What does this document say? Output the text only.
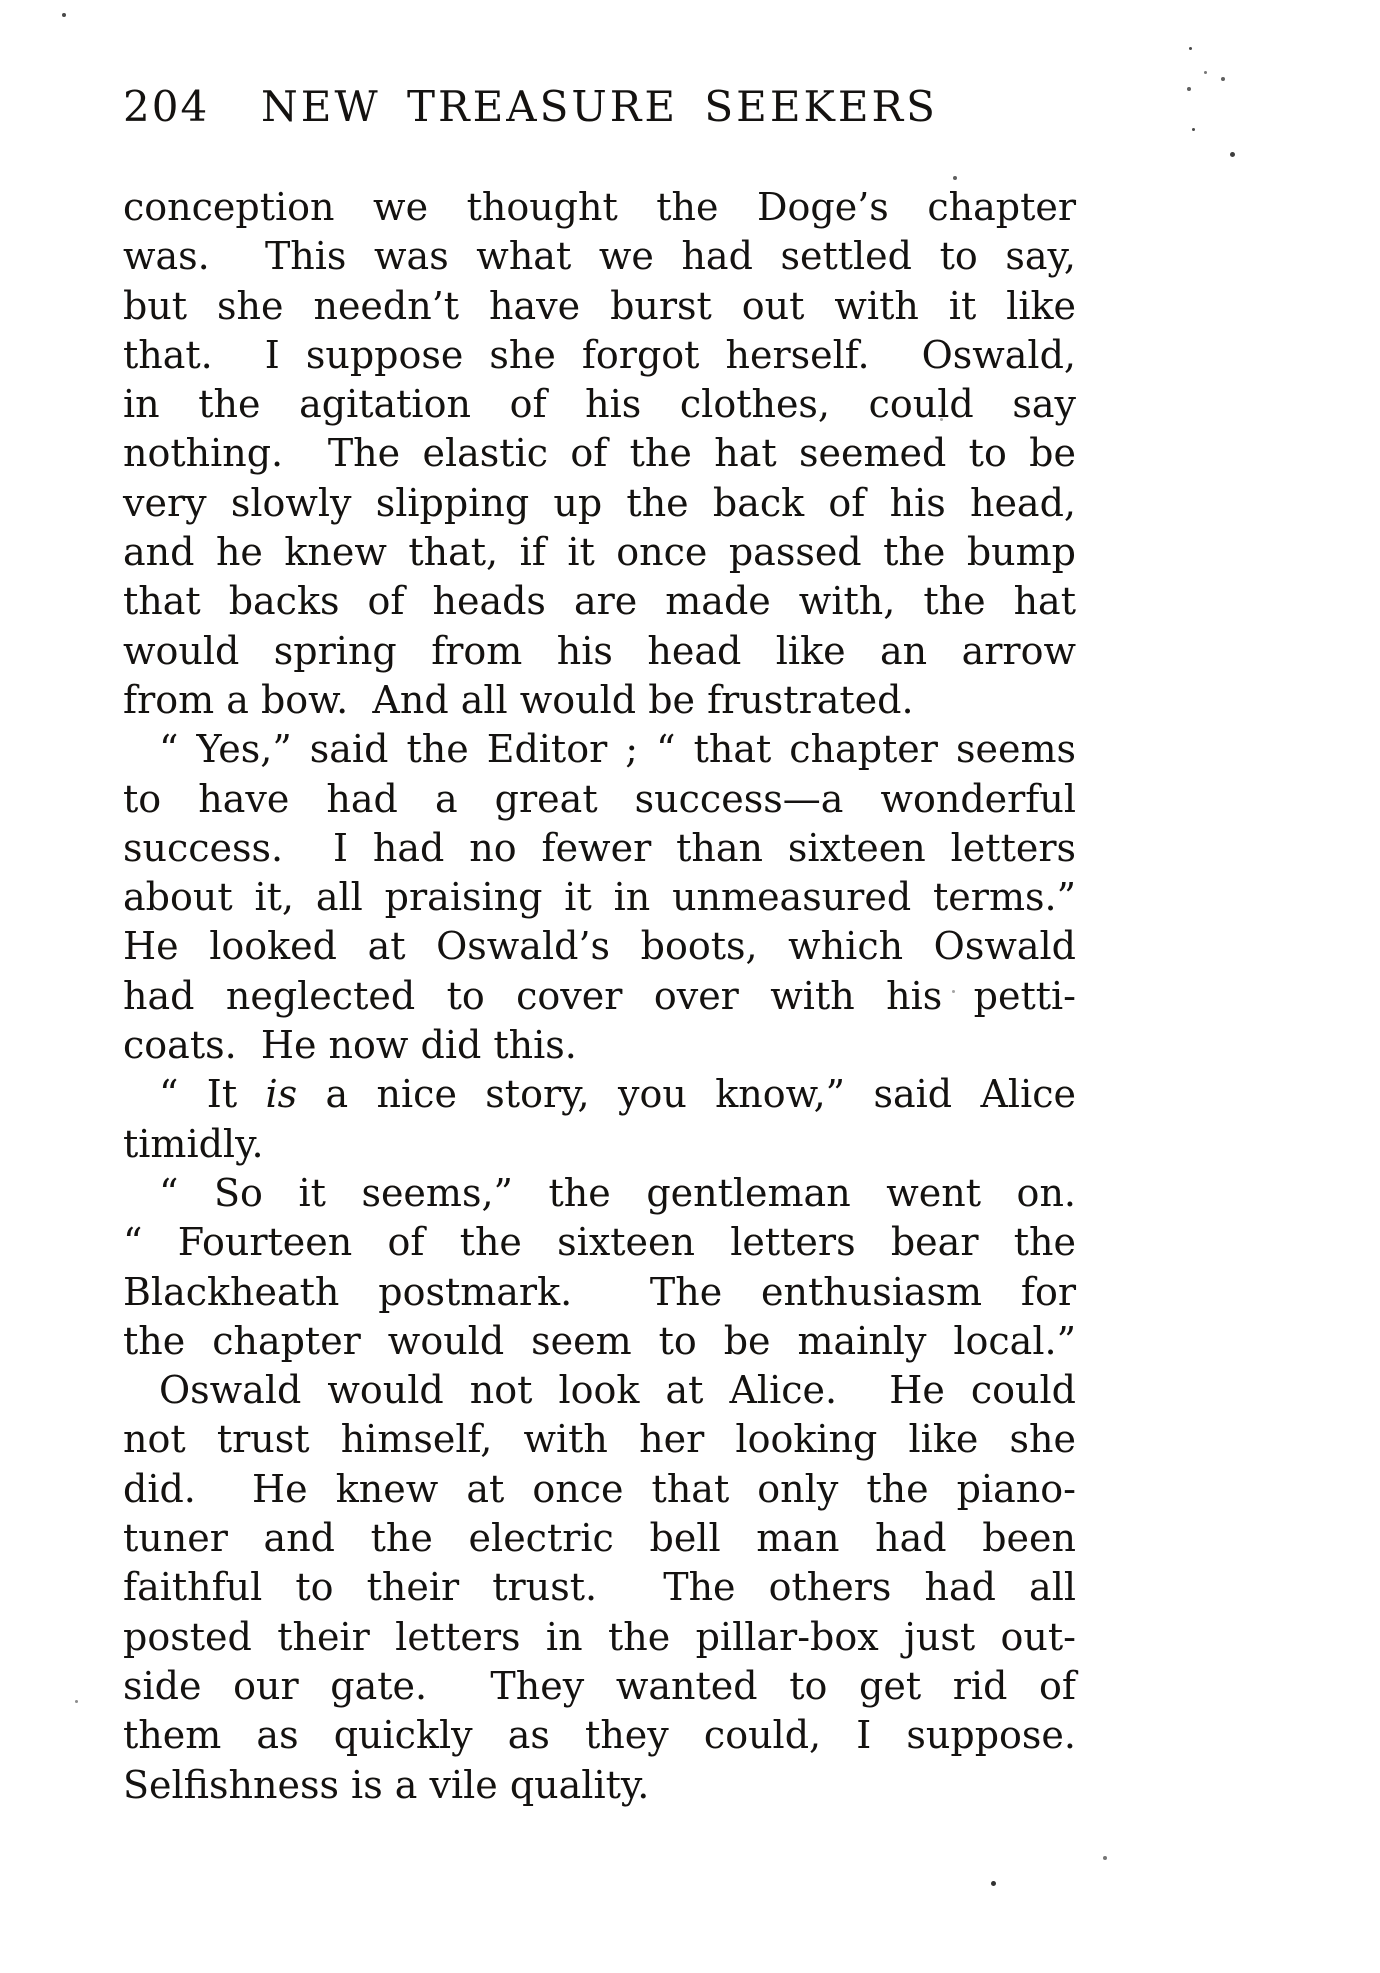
204	NEW TREASURE SEEKERS
conception we thought the Doge’s chapter
was.  This was what we had settled to say,
but she needn’t have burst out with it like
that.  I suppose she forgot herself.  Oswald,
in the agitation of his clothes, could say
nothing.  The elastic of the hat seemed to be
very slowly slipping up the back of his head,
and he knew that, if it once passed the bump
that backs of heads are made with, the hat
would spring from his head like an arrow
from a bow.  And all would be frustrated.
“ Yes,” said the Editor ; “ that chapter seems
to have had a great success—a wonderful
success.  I had no fewer than sixteen letters
about it, all praising it in unmeasured terms.”
He looked at Oswald’s boots, which Oswald
had neglected to cover over with his petti-
coats.  He now did this.
“ It is a nice story, you know,” said Alice
timidly.
“ So it seems,” the gentleman went on.
“ Fourteen of the sixteen letters bear the
Blackheath postmark.  The enthusiasm for
the chapter would seem to be mainly local.”
Oswald would not look at Alice.  He could
not trust himself, with her looking like she
did.  He knew at once that only the piano-
tuner and the electric bell man had been
faithful to their trust.  The others had all
posted their letters in the pillar-box just out-
side our gate.  They wanted to get rid of
them as quickly as they could, I suppose.
Selfishness is a vile quality.
